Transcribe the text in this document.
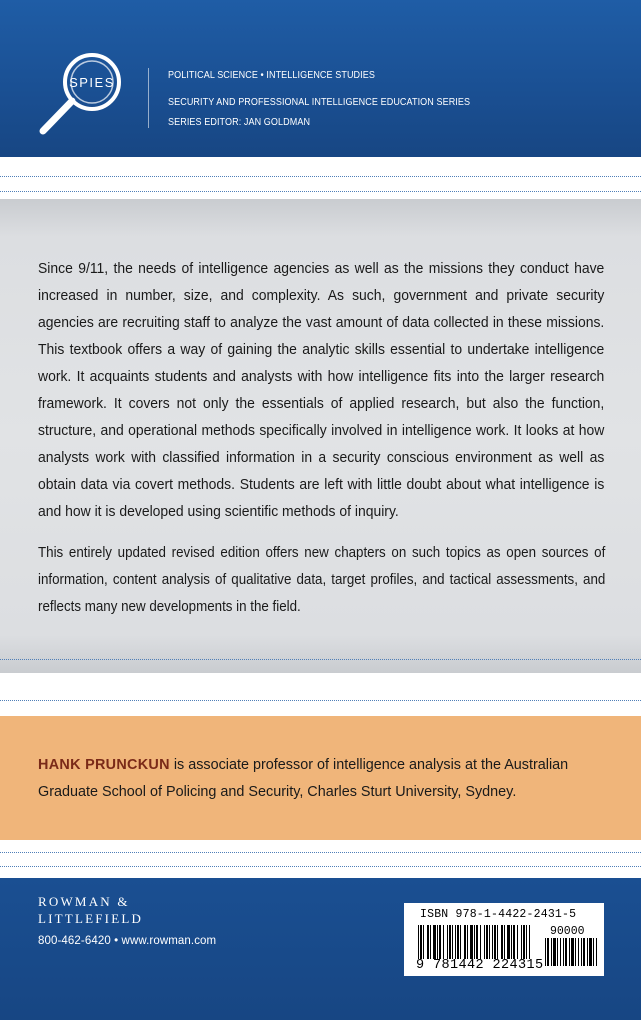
SPIES	POLITICAL SCIENCE • INTELLIGENCE STUDIES
SECURITY AND PROFESSIONAL INTELLIGENCE EDUCATION SERIES
SERIES EDITOR: JAN GOLDMAN

Since 9/11, the needs of intelligence agencies as well as the missions they conduct have increased in number, size, and complexity. As such, government and private security agencies are recruiting staff to analyze the vast amount of data collected in these missions. This textbook offers a way of gaining the analytic skills essential to undertake intelligence work. It acquaints students and analysts with how intelligence fits into the larger research framework. It covers not only the essentials of applied research, but also the function, structure, and operational methods specifically involved in intelligence work. It looks at how analysts work with classified information in a security conscious environment as well as obtain data via covert methods. Students are left with little doubt about what intelligence is and how it is developed using scientific methods of inquiry.

This entirely updated revised edition offers new chapters on such topics as open sources of information, content analysis of qualitative data, target profiles, and tactical assessments, and reflects many new developments in the field.

HANK PRUNCKUN is associate professor of intelligence analysis at the Australian Graduate School of Policing and Security, Charles Sturt University, Sydney.
ROWMAN &
LITTLEFIELD
800-462-6420 • www.rowman.com
ISBN 978-1-4422-2431-5
90000
9 781442 224315
